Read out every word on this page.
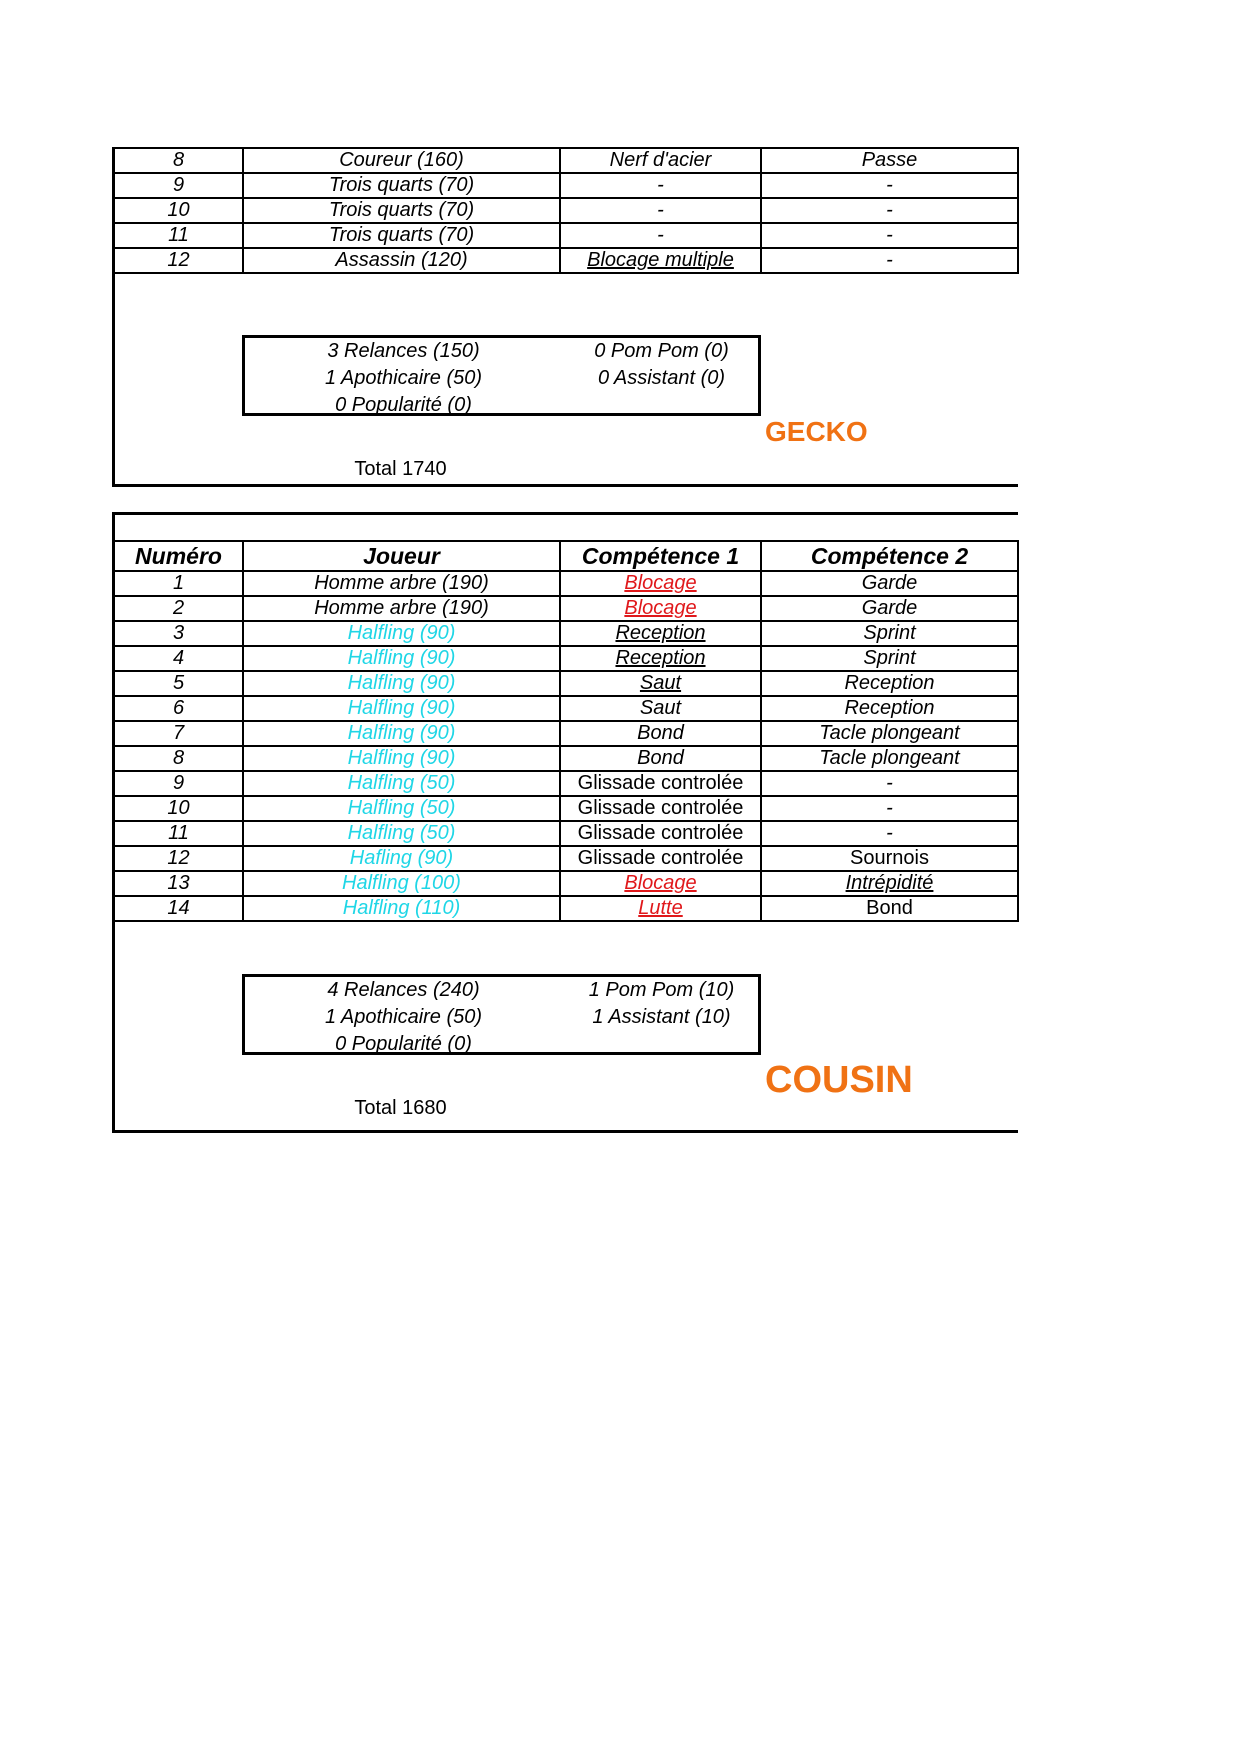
8	Coureur (160)	Nerf d'acier	Passe
9	Trois quarts (70)	-	-
10	Trois quarts (70)	-	-
11	Trois quarts (70)	-	-
12	Assassin (120)	Blocage multiple	-
3 Relances (150)
1 Apothicaire (50)
0 Popularité (0)
0 Pom Pom (0)
0 Assistant (0)
GECKO
Total 1740
Numéro	Joueur	Compétence 1	Compétence 2
1	Homme arbre (190)	Blocage	Garde
2	Homme arbre (190)	Blocage	Garde
3	Halfling (90)	Reception	Sprint
4	Halfling (90)	Reception	Sprint
5	Halfling (90)	Saut	Reception
6	Halfling (90)	Saut	Reception
7	Halfling (90)	Bond	Tacle plongeant
8	Halfling (90)	Bond	Tacle plongeant
9	Halfling (50)	Glissade controlée	-
10	Halfling (50)	Glissade controlée	-
11	Halfling (50)	Glissade controlée	-
12	Hafling (90)	Glissade controlée	Sournois
13	Halfling (100)	Blocage	Intrépidité
14	Halfling (110)	Lutte	Bond
4 Relances (240)
1 Apothicaire (50)
0 Popularité (0)
1 Pom Pom (10)
1 Assistant (10)
COUSIN
Total 1680
